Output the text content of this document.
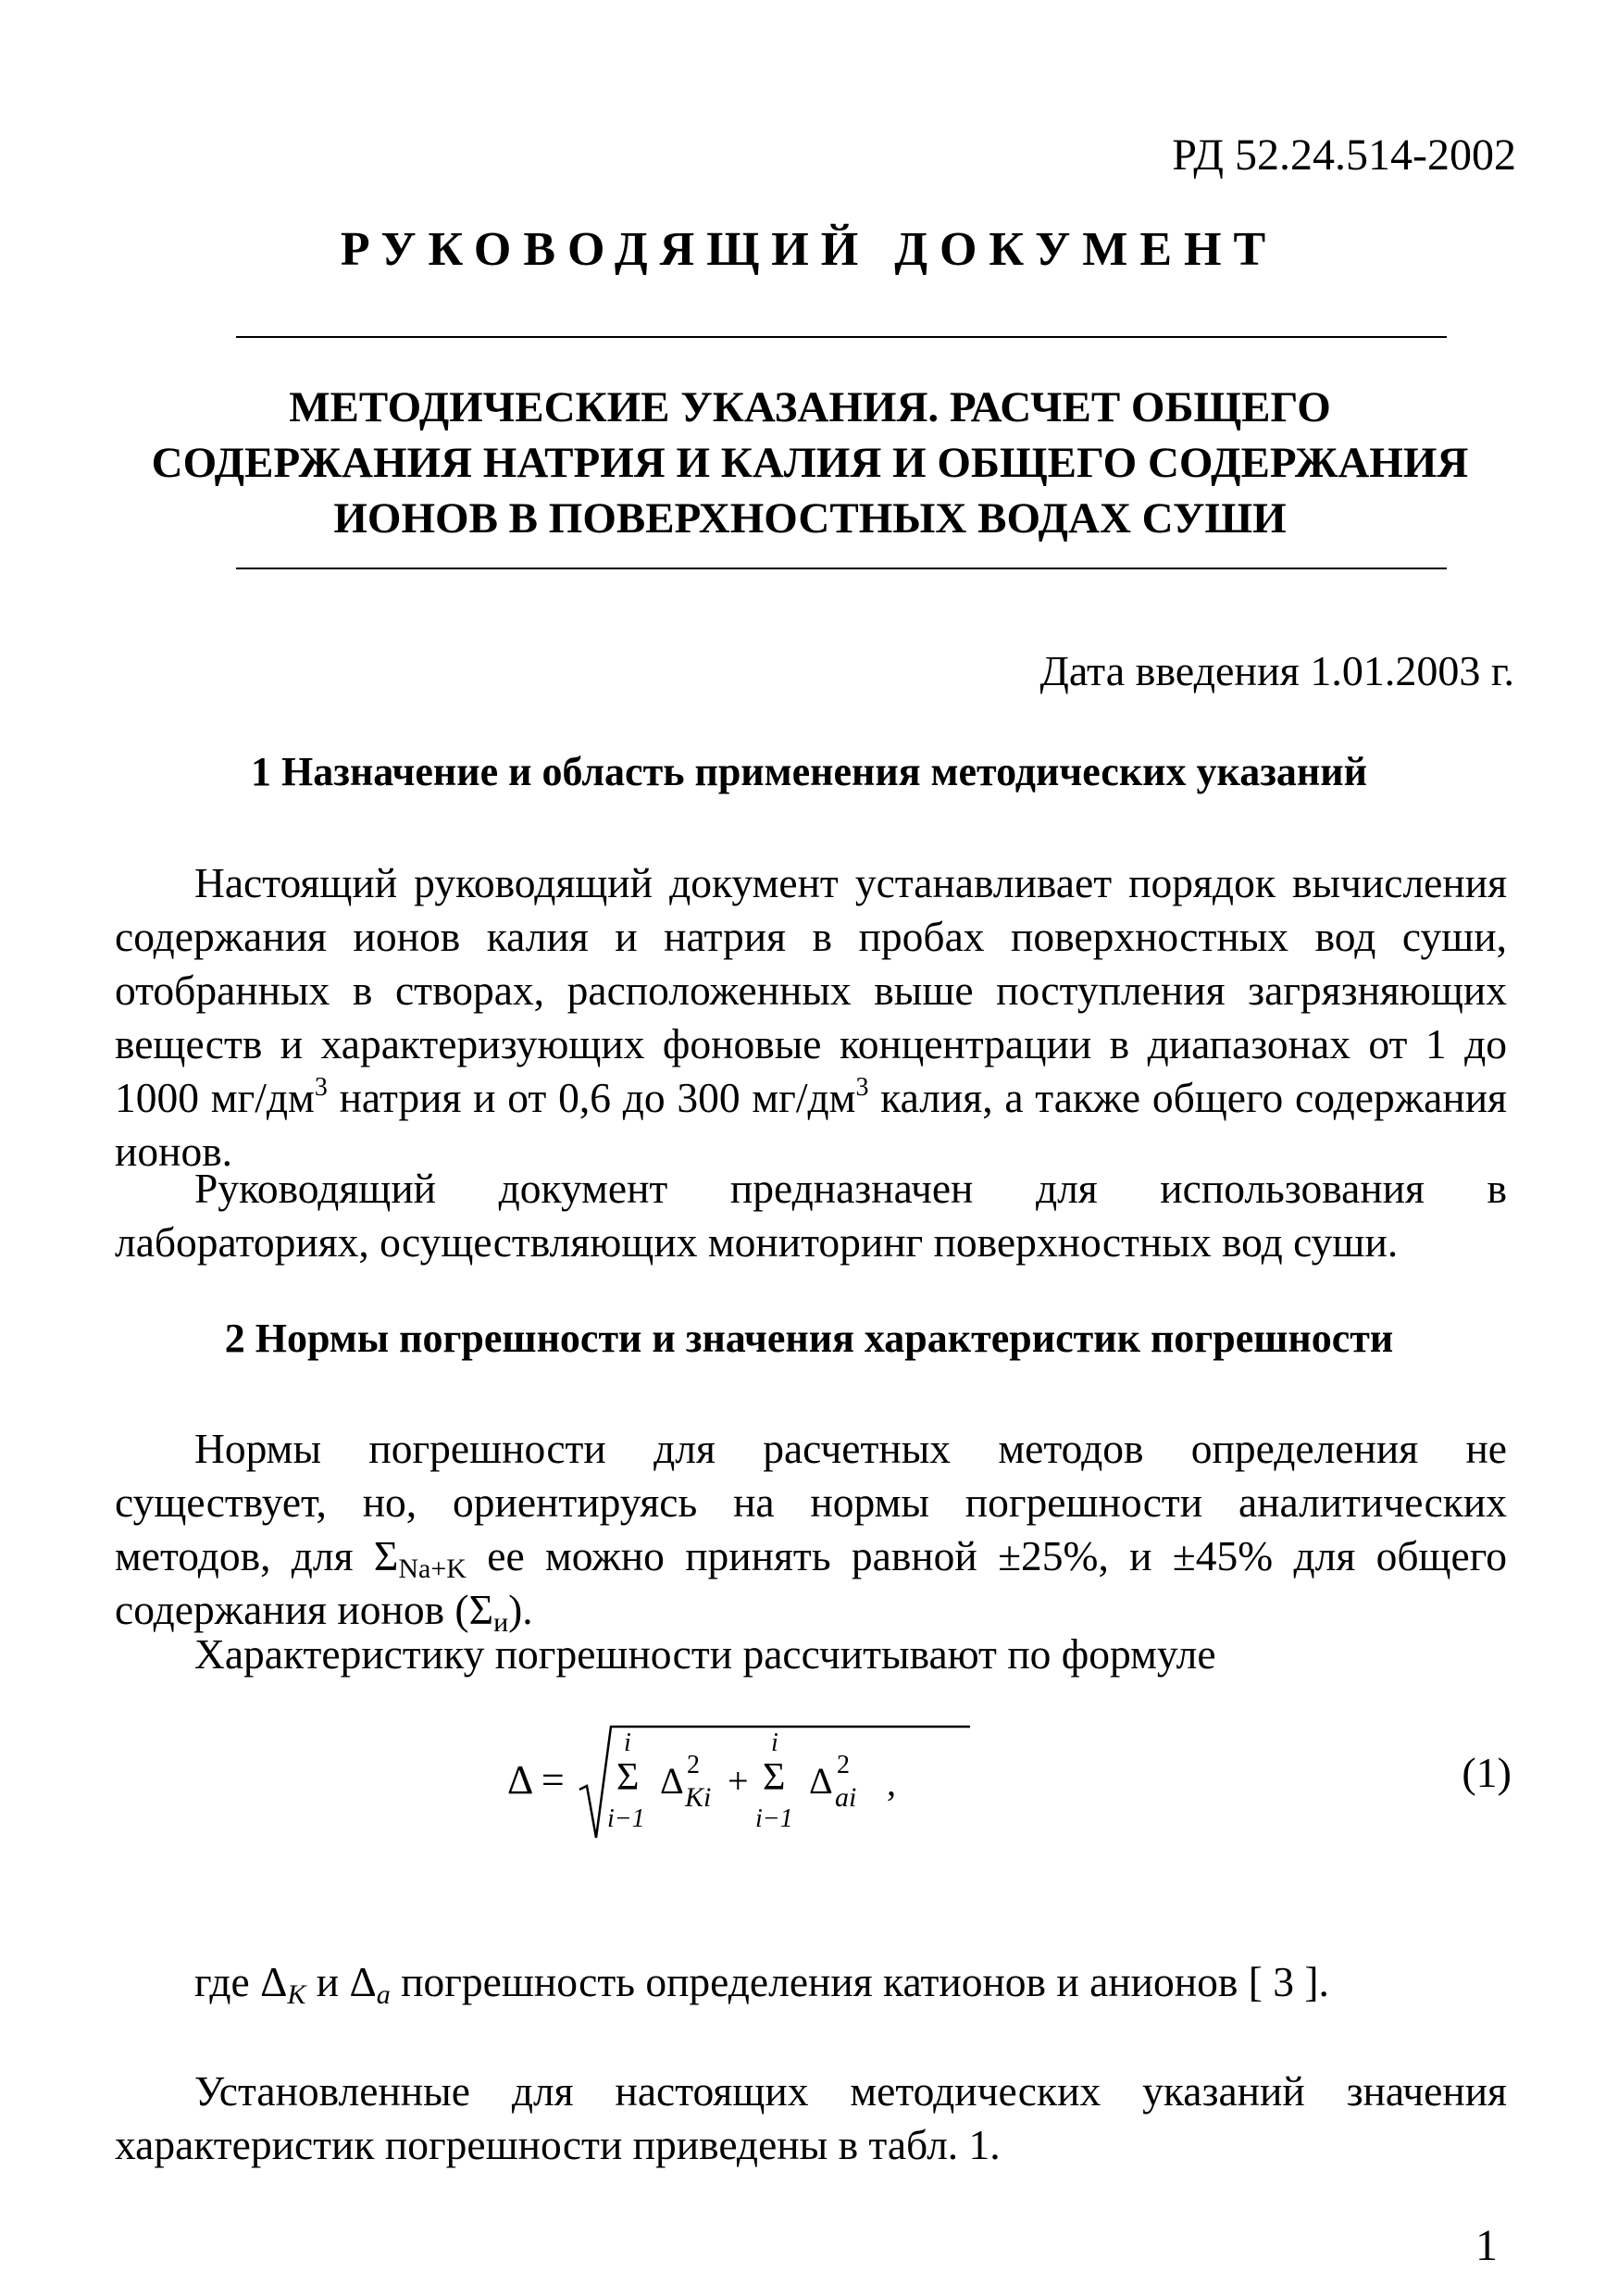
РД 52.24.514-2002
РУКОВОДЯЩИЙ ДОКУМЕНТ
МЕТОДИЧЕСКИЕ УКАЗАНИЯ. РАСЧЕТ ОБЩЕГО
СОДЕРЖАНИЯ НАТРИЯ И КАЛИЯ И ОБЩЕГО СОДЕРЖАНИЯ
ИОНОВ В ПОВЕРХНОСТНЫХ ВОДАХ СУШИ
Дата введения 1.01.2003 г.
1 Назначение и область применения методических указаний
Настоящий руководящий документ устанавливает порядок вычисления содержания ионов калия и натрия в пробах поверхностных вод суши, отобранных в створах, расположенных выше поступления загрязняющих веществ и характеризующих фоновые концентрации в диапазонах от 1 до 1000 $мг/дм^3$ натрия и от 0,6 до 300 $мг/дм^3$ калия, а также общего содержания ионов.
Руководящий документ предназначен для использования в лабораториях, осуществляющих мониторинг поверхностных вод суши.
2 Нормы погрешности и значения характеристик погрешности
Нормы погрешности для расчетных методов определения не существует, но, ориентируясь на нормы погрешности аналитических методов, для $\Sigma_{Na+K}$ ее можно принять равной ±25%, и ±45% для общего содержания ионов $(\Sigma_и)$.
Характеристику погрешности рассчитывают по формуле
Δ =
i
Σ
i−1
Δ 2
Ki +
i
Σ
i−1
Δ 2
ai ,	(1)
где $\Delta_K$ и $\Delta_a$ погрешность определения катионов и анионов [ 3 ].
Установленные для настоящих методических указаний значения характеристик погрешности приведены в табл. 1.
1
